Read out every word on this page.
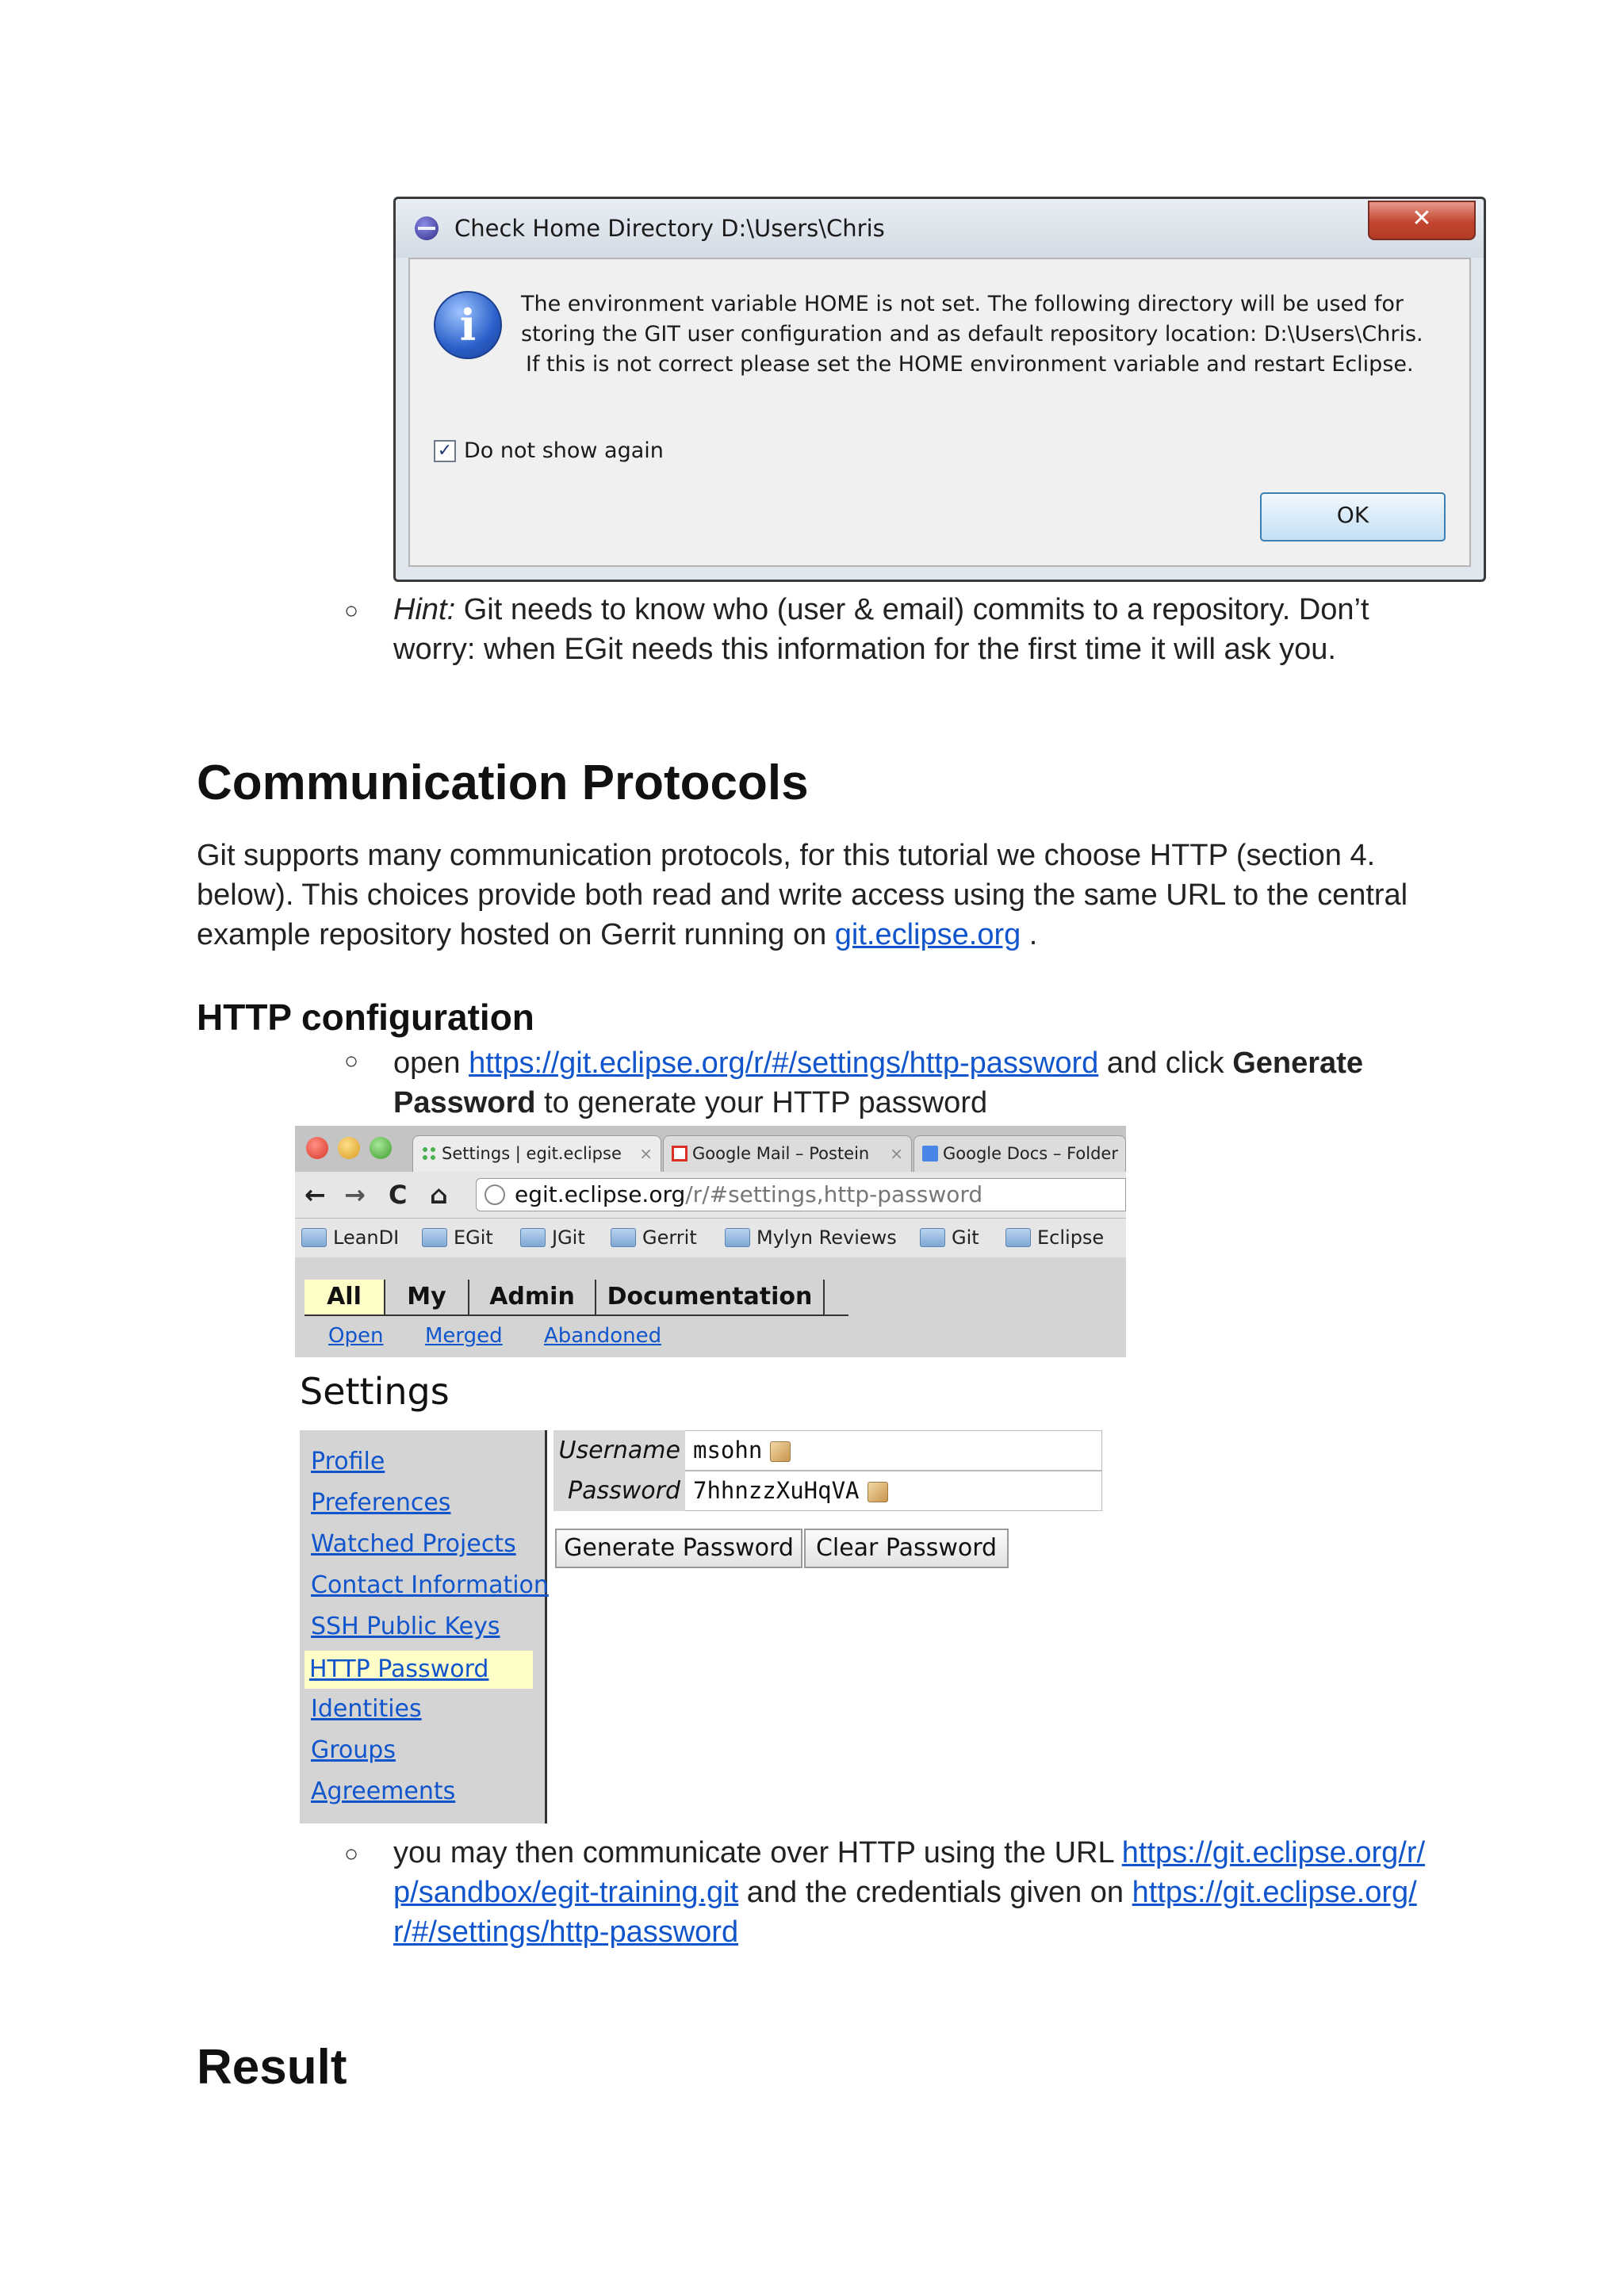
Check Home Directory D:\Users\Chris	✕
i	The environment variable HOME is not set. The following directory will be used for
storing the GIT user configuration and as default repository location: D:\Users\Chris.
If this is not correct please set the HOME environment variable and restart Eclipse.
✓ Do not show again
OK
○ Hint: Git needs to know who (user & email) commits to a repository. Don’t
worry: when EGit needs this information for the first time it will ask you.
Communication Protocols
Git supports many communication protocols, for this tutorial we choose HTTP (section 4.
below). This choices provide both read and write access using the same URL to the central
example repository hosted on Gerrit running on git.eclipse.org .
HTTP configuration
○ open https://git.eclipse.org/r/#/settings/http-password and click Generate
Password to generate your HTTP password
Settings | egit.eclipse ×	Google Mail – Postein ×	Google Docs – Folder
← → C ⌂	egit.eclipse.org/r/#settings,http-password
LeanDI	EGit	JGit	Gerrit	Mylyn Reviews	Git	Eclipse
All	My	Admin	Documentation
Open Merged Abandoned
Settings
Profile
Preferences
Watched Projects
Contact Information
SSH Public Keys
HTTP Password
Identities
Groups
Agreements
Username msohn
Password 7hhnzzXuHqVA
Generate Password Clear Password
○ you may then communicate over HTTP using the URL https://git.eclipse.org/r/
p/sandbox/egit-training.git and the credentials given on https://git.eclipse.org/
r/#/settings/http-password
Result
